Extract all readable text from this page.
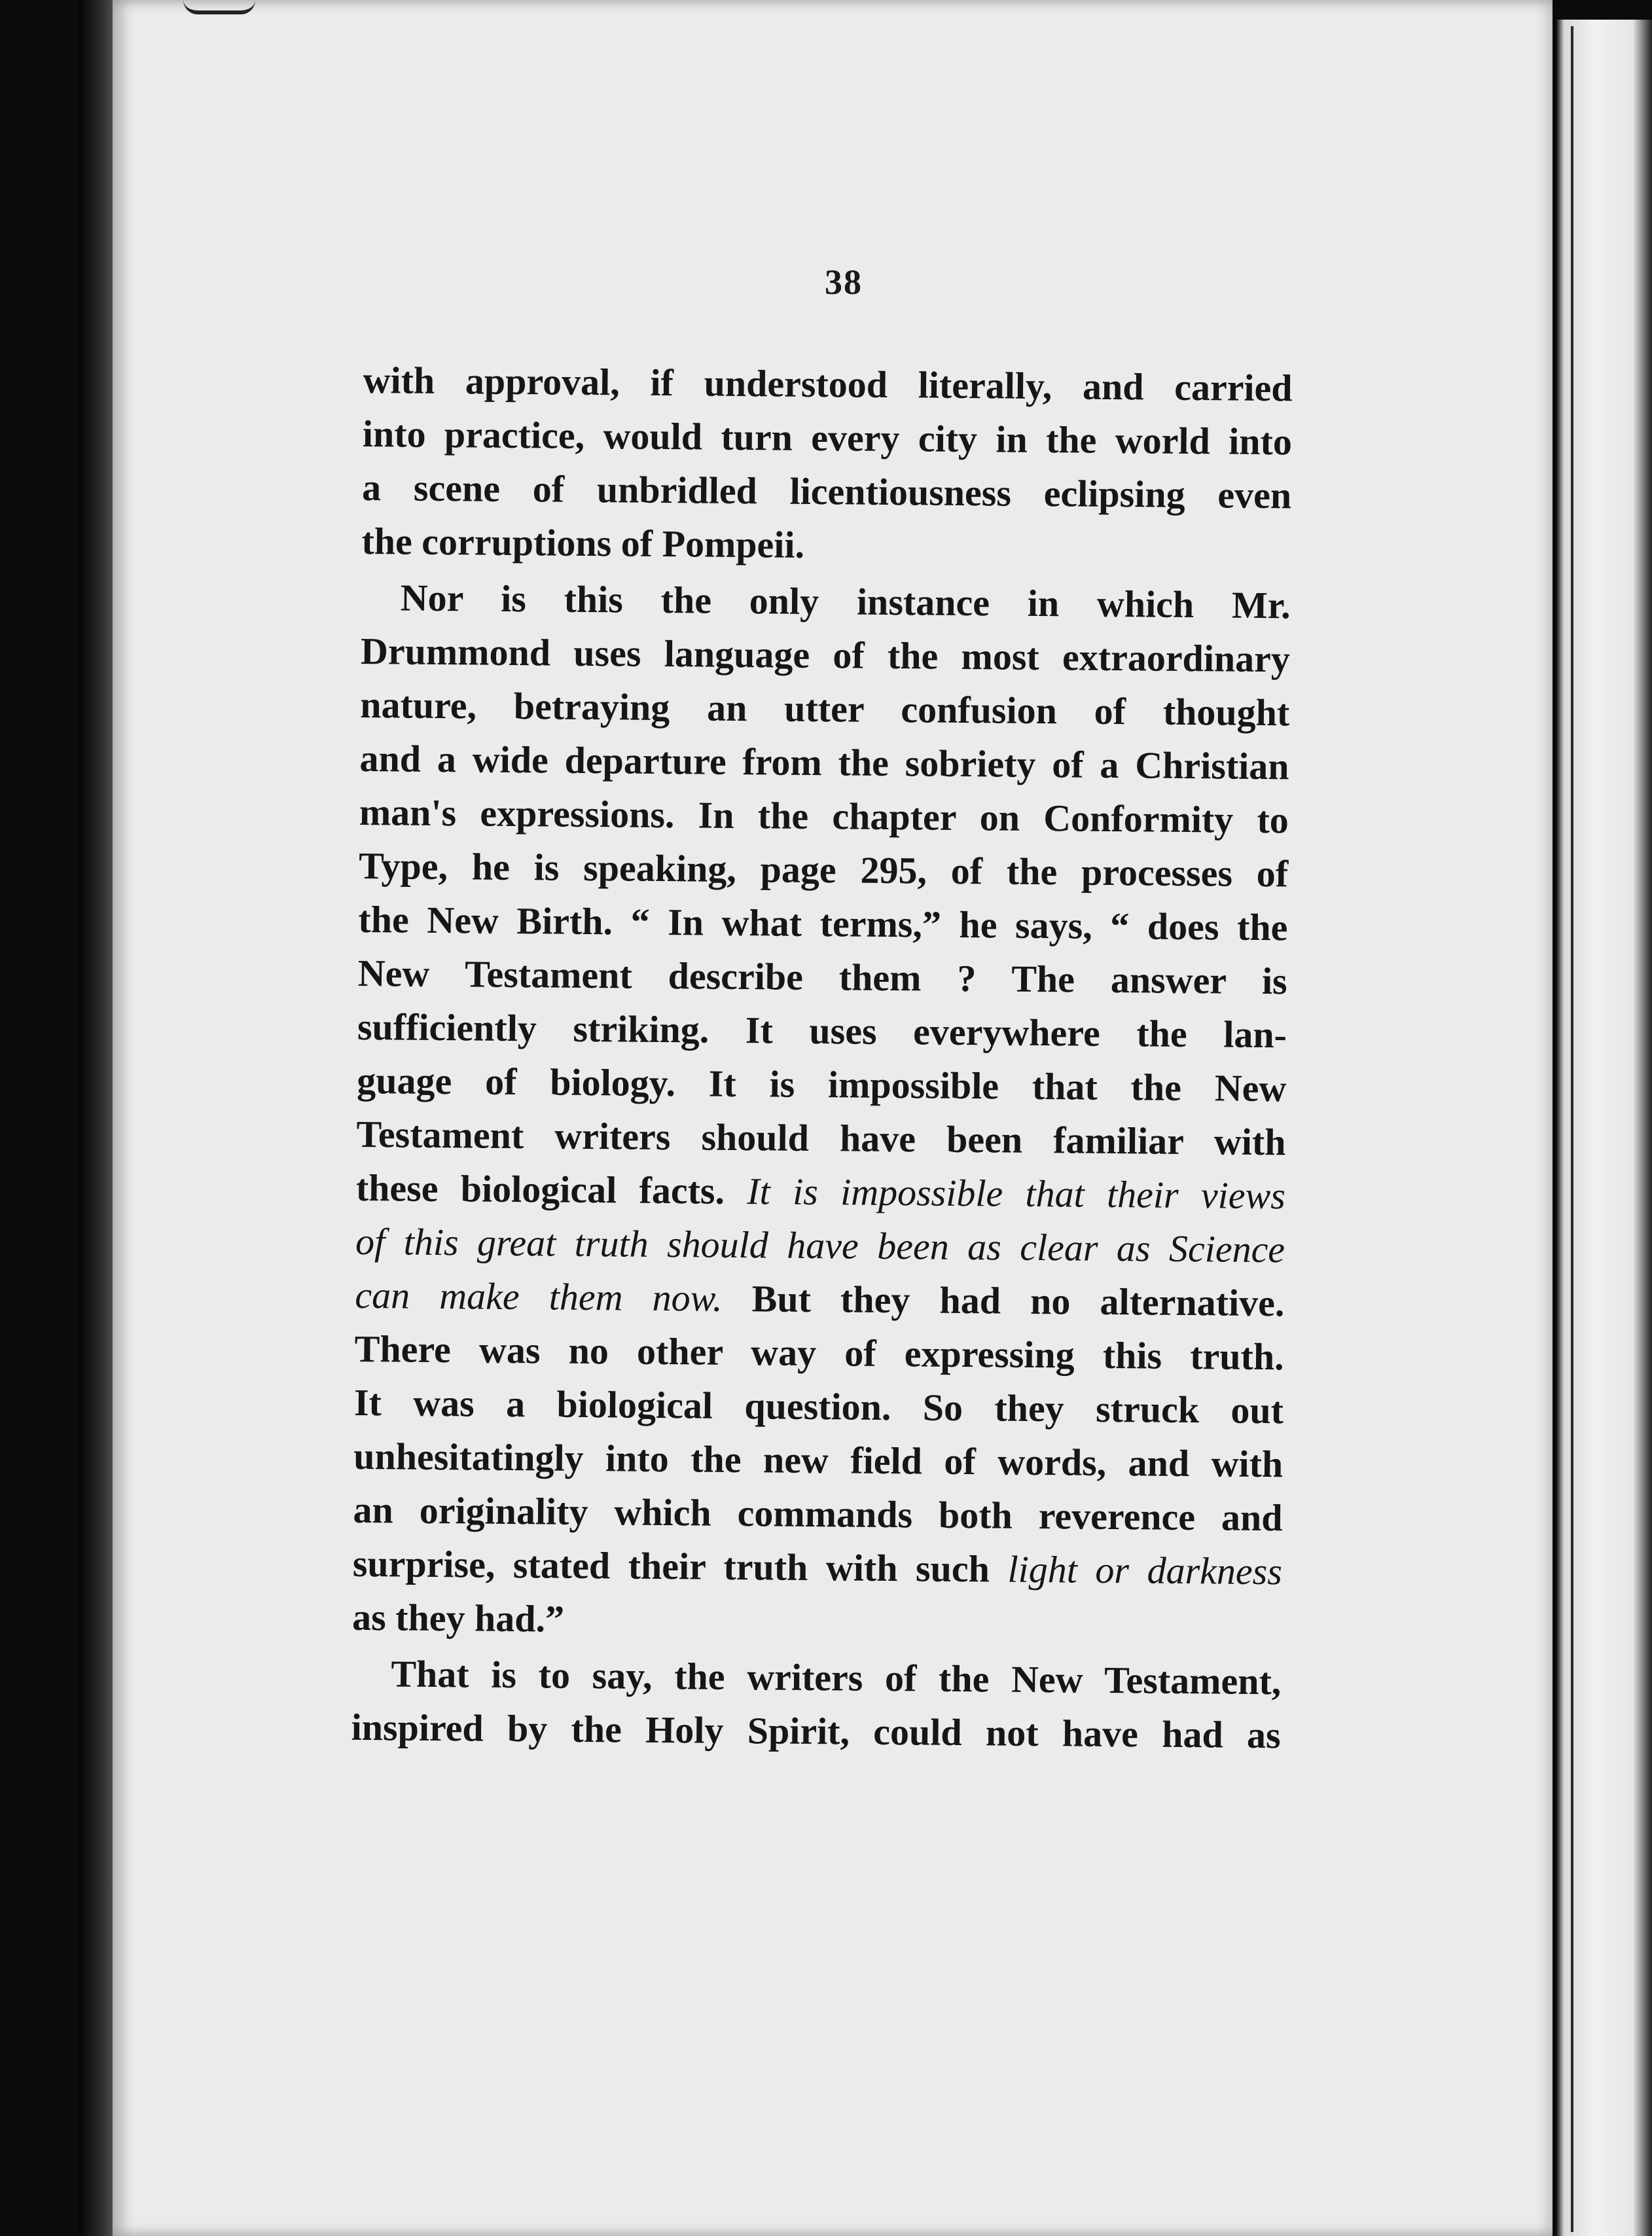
38
with approval, if understood literally, and carried
into practice, would turn every city in the world into
a scene of unbridled licentiousness eclipsing even
the corruptions of Pompeii.
Nor is this the only instance in which Mr.
Drummond uses language of the most extraordinary
nature, betraying an utter confusion of thought
and a wide departure from the sobriety of a Christian
man's expressions. In the chapter on Conformity to
Type, he is speaking, page 295, of the processes of
the New Birth. “ In what terms,” he says, “ does the
New Testament describe them ? The answer is
sufficiently striking. It uses everywhere the lan-
guage of biology. It is impossible that the New
Testament writers should have been familiar with
these biological facts. It is impossible that their views
of this great truth should have been as clear as Science
can make them now. But they had no alternative.
There was no other way of expressing this truth.
It was a biological question. So they struck out
unhesitatingly into the new field of words, and with
an originality which commands both reverence and
surprise, stated their truth with such light or darkness
as they had.”
That is to say, the writers of the New Testament,
inspired by the Holy Spirit, could not have had as
